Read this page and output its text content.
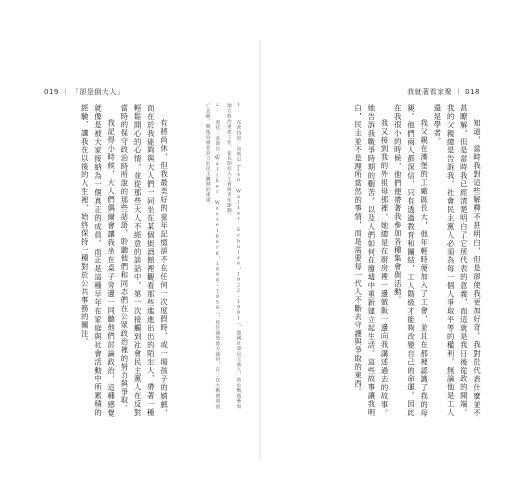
019 ｜ 「卻是倒大人」

有將尚休，但我最美好的童年記憶卻不在任何一次度假時，或一場孩子的嬉戲，而在於我能夠與大人們一同坐在某個街酒館裡觀看那些進進出出的陌生人，帶著一種輕鬆開心的心情，並從那些大人不經意的談話中，第一次接觸到社會民主黨人在反對當時的保守政治時所說的那些話語，聆聽他們和同志們在公眾政治裡的努力與爭取。

我記得小時候，大人們偶爾會讓我坐在桌子旁邊一同聽他們討論政治，這種感覺就像是被大家接納為一個真正的成員。而正是這種早年在家庭與社會活動中所累積的經驗，讓我在以後的人生裡，始終保持一種對於公共事務的關注。	1. 布蕾特恩·韋斯貝（Jan Walter Schulze，1922–1991），德國社會民主黨人，曾於戰後參與地方政治重建工作，並長期投入工會與青年運動。

2. 奧托·韋斯貝（Walther Wesselburg，1890–1959），曾任漢堡地方議員，在二次大戰期間流亡北歐，戰後返國並致力於民主體制的重建。

我就著看家聚 ｜ 018

知道，當時我對這些解釋不甚明白，但是卻使我更加好奇。我對於代表什麼並不甚瞭解，但是當時我已經清楚明白了它所代表的意義，而這就是我日後從政的開端。我的父親總是告訴我，社會民主黨人必須為每一個人爭取平等的權利，無論他是工人還是學者。

我父親在漢堡的工廠區長大，他年輕時便加入了工會，並且在那裡認識了我的母親。他們兩人都深信，只有透過教育和團結，工人階級才能夠改變自己的命運。因此在我很小的時候，他們便帶著我參加各種集會與活動。

我又接到我的外祖母那裡，她總是在廚房裡一邊做飯一邊向我講述過去的故事。她告訴我戰爭時期的艱苦，以及人們如何在廢墟中重新建立起生活。這些故事讓我明白，民主並不是理所當然的事情，而是需要每一代人不斷去守護與爭取的東西。
